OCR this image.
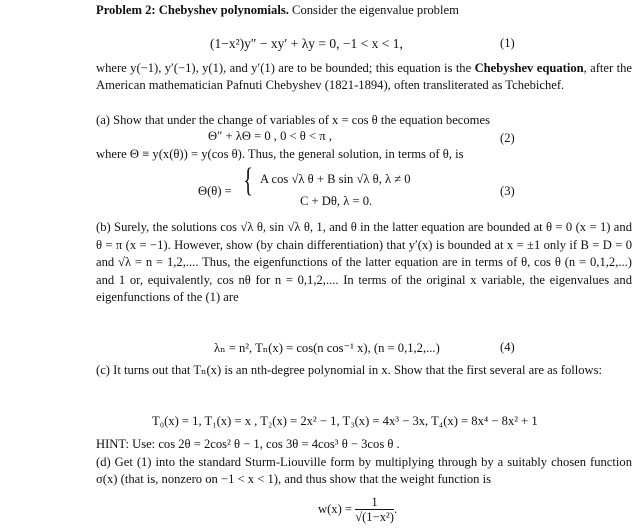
Problem 2: Chebyshev polynomials. Consider the eigenvalue problem
(1−x²)y″ − xy′ + λy = 0, −1 < x < 1,	(1)
where y(−1), y′(−1), y(1), and y′(1) are to be bounded; this equation is the Chebyshev equation, after the American mathematician Pafnuti Chebyshev (1821-1894), often transliterated as Tchebichef.
(a) Show that under the change of variables of x = cos θ the equation becomes
Θ″ + λΘ = 0 , 0 < θ < π ,	(2)
where Θ ≡ y(x(θ)) = y(cos θ). Thus, the general solution, in terms of θ, is
Θ(θ) = { A cos √λ θ + B sin √λ θ, λ ≠ 0
C + Dθ, λ = 0.
(3)
(b) Surely, the solutions cos √λ θ, sin √λ θ, 1, and θ in the latter equation are bounded at θ = 0 (x = 1) and θ = π (x = −1). However, show (by chain differentiation) that y′(x) is bounded at x = ±1 only if B = D = 0 and √λ = n = 1,2,.... Thus, the eigenfunctions of the latter equation are in terms of θ, cos θ (n = 0,1,2,...) and 1 or, equivalently, cos nθ for n = 0,1,2,.... In terms of the original x variable, the eigenvalues and eigenfunctions of the (1) are
λₙ = n², Tₙ(x) = cos(n cos⁻¹ x), (n = 0,1,2,...)	(4)
(c) It turns out that Tₙ(x) is an nth-degree polynomial in x. Show that the first several are as follows:
T₀(x) = 1, T₁(x) = x , T₂(x) = 2x² − 1, T₃(x) = 4x³ − 3x, T₄(x) = 8x⁴ − 8x² + 1
HINT: Use: cos 2θ = 2cos² θ − 1, cos 3θ = 4cos³ θ − 3cos θ .
(d) Get (1) into the standard Sturm-Liouville form by multiplying through by a suitably chosen function σ(x) (that is, nonzero on −1 < x < 1), and thus show that the weight function is
$w(x) = \frac{1}{\text{√(1−x²)}}$ .
